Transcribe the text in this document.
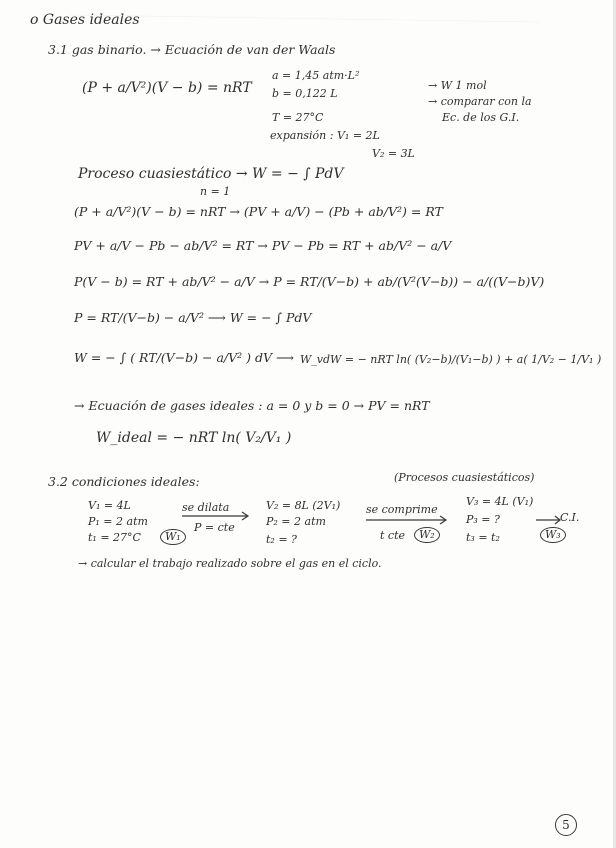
o Gases ideales
3.1 gas binario. → Ecuación de van der Waals
(P + a/V²)(V − b) = nRT
a = 1,45 atm·L²
b = 0,122 L
T = 27°C
expansión : V₁ = 2L
V₂ = 3L
→ W 1 mol
→ comparar con la
Ec. de los G.I.
Proceso cuasiestático → W = − ∫ PdV
n = 1
(P + a/V²)(V − b) = nRT → (PV + a/V) − (Pb + ab/V²) = RT
PV + a/V − Pb − ab/V² = RT → PV − Pb = RT + ab/V² − a/V
P(V − b) = RT + ab/V² − a/V → P = RT/(V−b) + ab/(V²(V−b)) − a/((V−b)V)
P = RT/(V−b) − a/V² ⟶ W = − ∫ PdV
W = − ∫ ( RT/(V−b) − a/V² ) dV ⟶ W_vdW = − nRT ln( (V₂−b)/(V₁−b) ) + a( 1/V₂ − 1/V₁ )
→ Ecuación de gases ideales : a = 0 y b = 0 → PV = nRT
W_ideal = − nRT ln( V₂/V₁ )
3.2 condiciones ideales:	(Procesos cuasiestáticos)
V₁ = 4L
P₁ = 2 atm
t₁ = 27°C	W₁
se dilata
P = cte
V₂ = 8L (2V₁)
P₂ = 2 atm
t₂ = ?
se comprime
t cte	W₂
V₃ = 4L (V₁)
P₃ = ?
t₃ = t₂	W₃
C.I.
→ calcular el trabajo realizado sobre el gas en el ciclo.
5
